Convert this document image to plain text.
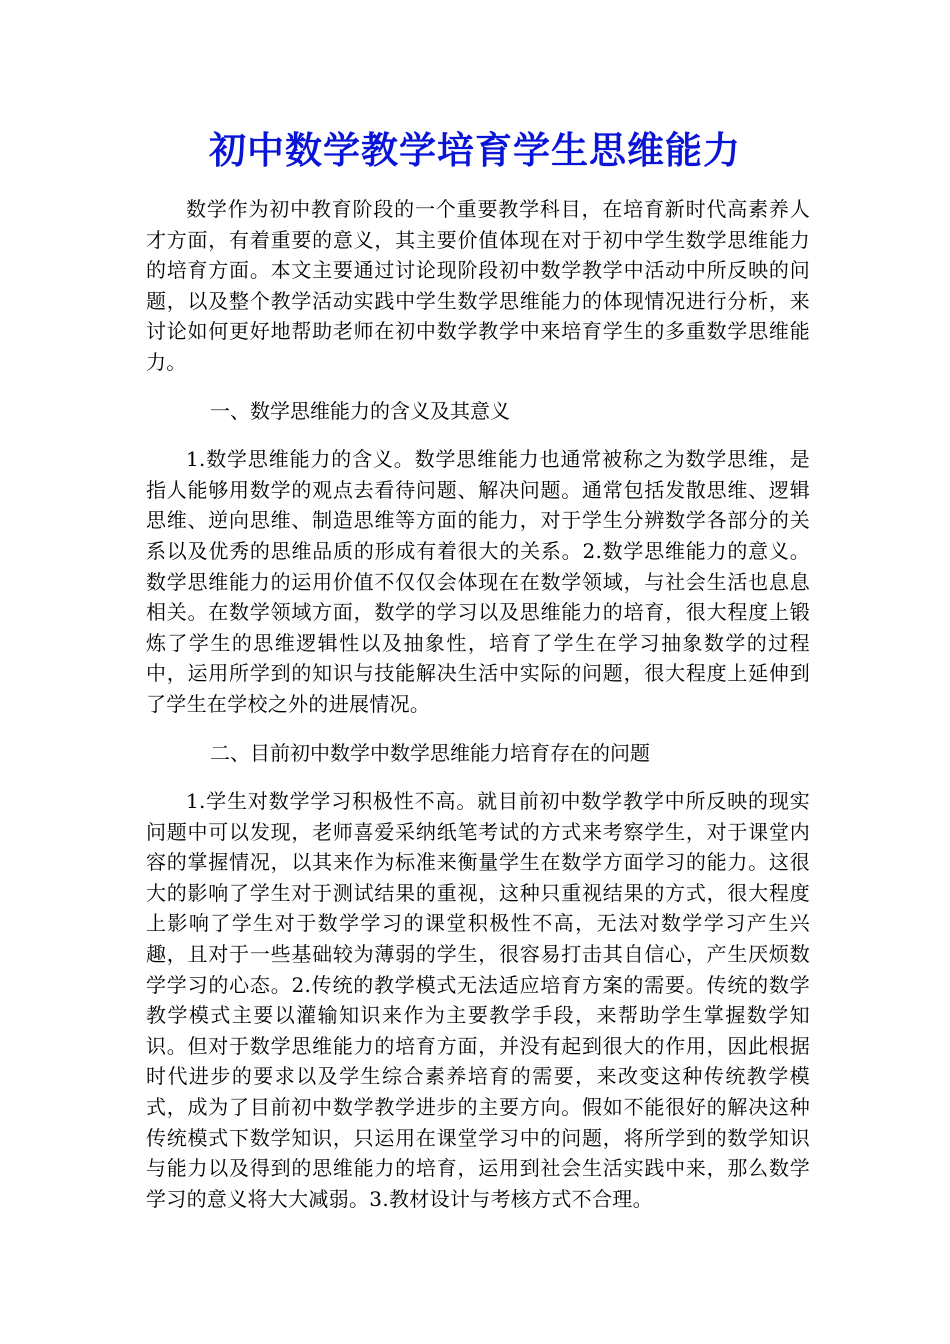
初中数学教学培育学生思维能力

数学作为初中教育阶段的一个重要教学科目，在培育新时代高素养人才方面，有着重要的意义，其主要价值体现在对于初中学生数学思维能力的培育方面。本文主要通过讨论现阶段初中数学教学中活动中所反映的问题，以及整个教学活动实践中学生数学思维能力的体现情况进行分析，来讨论如何更好地帮助老师在初中数学教学中来培育学生的多重数学思维能力。

一、数学思维能力的含义及其意义

1.数学思维能力的含义。数学思维能力也通常被称之为数学思维，是指人能够用数学的观点去看待问题、解决问题。通常包括发散思维、逻辑思维、逆向思维、制造思维等方面的能力，对于学生分辨数学各部分的关系以及优秀的思维品质的形成有着很大的关系。2.数学思维能力的意义。数学思维能力的运用价值不仅仅会体现在在数学领域，与社会生活也息息相关。在数学领域方面，数学的学习以及思维能力的培育，很大程度上锻炼了学生的思维逻辑性以及抽象性，培育了学生在学习抽象数学的过程中，运用所学到的知识与技能解决生活中实际的问题，很大程度上延伸到了学生在学校之外的进展情况。

二、目前初中数学中数学思维能力培育存在的问题

1.学生对数学学习积极性不高。就目前初中数学教学中所反映的现实问题中可以发现，老师喜爱采纳纸笔考试的方式来考察学生，对于课堂内容的掌握情况，以其来作为标准来衡量学生在数学方面学习的能力。这很大的影响了学生对于测试结果的重视，这种只重视结果的方式，很大程度上影响了学生对于数学学习的课堂积极性不高，无法对数学学习产生兴趣，且对于一些基础较为薄弱的学生，很容易打击其自信心，产生厌烦数学学习的心态。2.传统的教学模式无法适应培育方案的需要。传统的数学教学模式主要以灌输知识来作为主要教学手段，来帮助学生掌握数学知识。但对于数学思维能力的培育方面，并没有起到很大的作用，因此根据时代进步的要求以及学生综合素养培育的需要，来改变这种传统教学模式，成为了目前初中数学教学进步的主要方向。假如不能很好的解决这种传统模式下数学知识，只运用在课堂学习中的问题，将所学到的数学知识与能力以及得到的思维能力的培育，运用到社会生活实践中来，那么数学学习的意义将大大减弱。3.教材设计与考核方式不合理。
